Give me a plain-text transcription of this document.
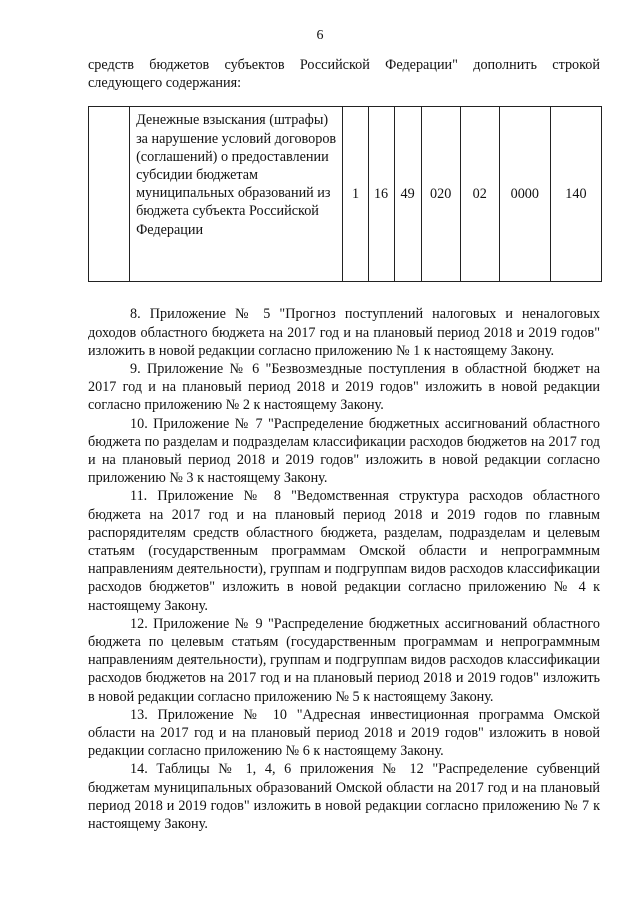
6

средств бюджетов субъектов Российской Федерации" дополнить строкой следующего содержания:

	Денежные взыскания (штрафы) за нарушение условий договоров (соглашений) о предоставлении субсидии бюджетам муниципальных образований из бюджета субъекта Российской Федерации	1	16	49	020	02	0000	140

8. Приложение № 5 "Прогноз поступлений налоговых и неналоговых доходов областного бюджета на 2017 год и на плановый период 2018 и 2019 годов" изложить в новой редакции согласно приложению № 1 к настоящему Закону.

9. Приложение № 6 "Безвозмездные поступления в областной бюджет на 2017 год и на плановый период 2018 и 2019 годов" изложить в новой редакции согласно приложению № 2 к настоящему Закону.

10. Приложение № 7 "Распределение бюджетных ассигнований областного бюджета по разделам и подразделам классификации расходов бюджетов на 2017 год и на плановый период 2018 и 2019 годов" изложить в новой редакции согласно приложению № 3 к настоящему Закону.

11. Приложение № 8 "Ведомственная структура расходов областного бюджета на 2017 год и на плановый период 2018 и 2019 годов по главным распорядителям средств областного бюджета, разделам, подразделам и целевым статьям (государственным программам Омской области и непрограммным направлениям деятельности), группам и подгруппам видов расходов классификации расходов бюджетов" изложить в новой редакции согласно приложению № 4 к настоящему Закону.

12. Приложение № 9 "Распределение бюджетных ассигнований областного бюджета по целевым статьям (государственным программам и непрограммным направлениям деятельности), группам и подгруппам видов расходов классификации расходов бюджетов на 2017 год и на плановый период 2018 и 2019 годов" изложить в новой редакции согласно приложению № 5 к настоящему Закону.

13. Приложение № 10 "Адресная инвестиционная программа Омской области на 2017 год и на плановый период 2018 и 2019 годов" изложить в новой редакции согласно приложению № 6 к настоящему Закону.

14. Таблицы № 1, 4, 6 приложения № 12 "Распределение субвенций бюджетам муниципальных образований Омской области на 2017 год и на плановый период 2018 и 2019 годов" изложить в новой редакции согласно приложению № 7 к настоящему Закону.
